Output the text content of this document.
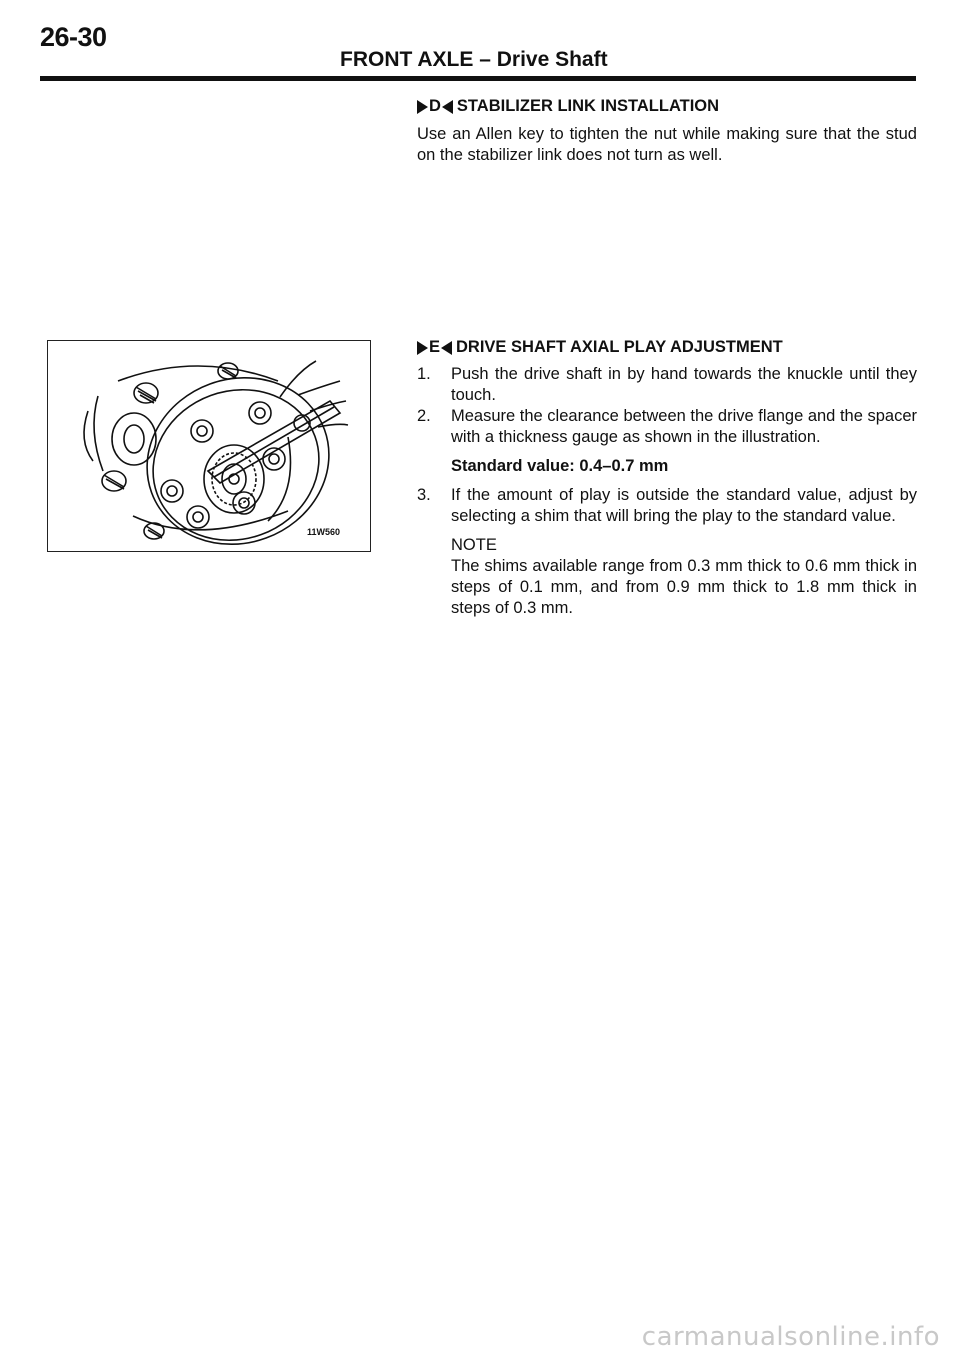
26-30
FRONT AXLE – Drive Shaft
D STABILIZER LINK INSTALLATION

Use an Allen key to tighten the nut while making sure that the stud on the stabilizer link does not turn as well.

E DRIVE SHAFT AXIAL PLAY ADJUSTMENT
1. Push the drive shaft in by hand towards the knuckle until they touch.
2. Measure the clearance between the drive flange and the spacer with a thickness gauge as shown in the illustration.

Standard value: 0.4–0.7 mm

3. If the amount of play is outside the standard value, adjust by selecting a shim that will bring the play to the standard value.

NOTE

The shims available range from 0.3 mm thick to 0.6 mm thick in steps of 0.1 mm, and from 0.9 mm thick to 1.8 mm thick in steps of 0.3 mm.

11W560
carmanualsonline.info
